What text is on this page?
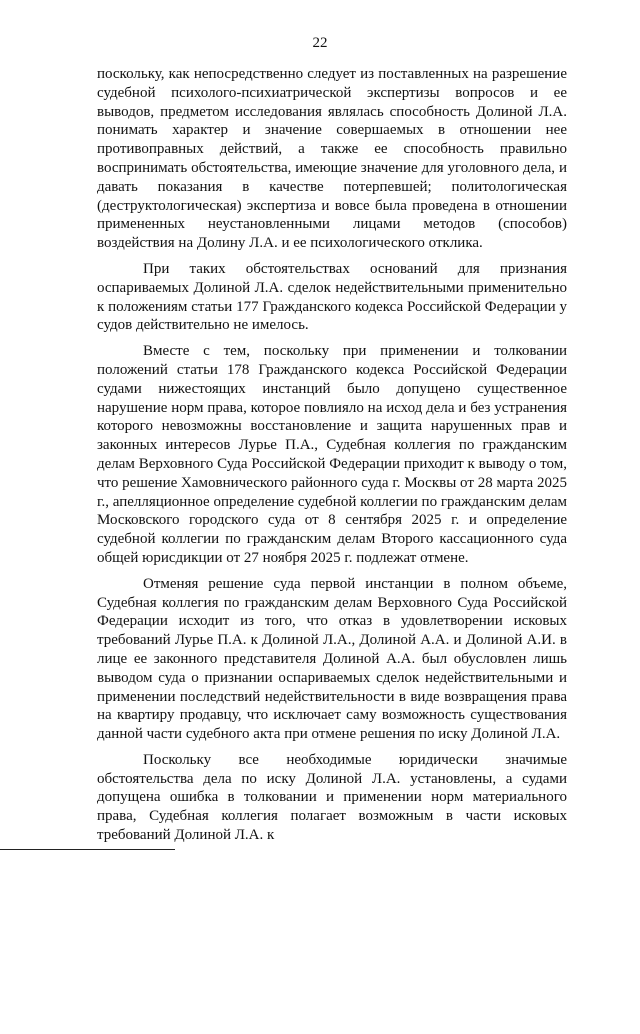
22

поскольку, как непосредственно следует из поставленных на разрешение судебной психолого-психиатрической экспертизы вопросов и ее выводов, предметом исследования являлась способность Долиной Л.А. понимать характер и значение совершаемых в отношении нее противоправных действий, а также ее способность правильно воспринимать обстоятельства, имеющие значение для уголовного дела, и давать показания в качестве потерпевшей; политологическая (деструктологическая) экспертиза и вовсе была проведена в отношении примененных неустановленными лицами методов (способов) воздействия на Долину Л.А. и ее психологического отклика.

При таких обстоятельствах оснований для признания оспариваемых Долиной Л.А. сделок недействительными применительно к положениям статьи 177 Гражданского кодекса Российской Федерации у судов действительно не имелось.

Вместе с тем, поскольку при применении и толковании положений статьи 178 Гражданского кодекса Российской Федерации судами нижестоящих инстанций было допущено существенное нарушение норм права, которое повлияло на исход дела и без устранения которого невозможны восстановление и защита нарушенных прав и законных интересов Лурье П.А., Судебная коллегия по гражданским делам Верховного Суда Российской Федерации приходит к выводу о том, что решение Хамовнического районного суда г. Москвы от 28 марта 2025 г., апелляционное определение судебной коллегии по гражданским делам Московского городского суда от 8 сентября 2025 г. и определение судебной коллегии по гражданским делам Второго кассационного суда общей юрисдикции от 27 ноября 2025 г. подлежат отмене.

Отменяя решение суда первой инстанции в полном объеме, Судебная коллегия по гражданским делам Верховного Суда Российской Федерации исходит из того, что отказ в удовлетворении исковых требований Лурье П.А. к Долиной Л.А., Долиной А.А. и Долиной А.И. в лице ее законного представителя Долиной А.А. был обусловлен лишь выводом суда о признании оспариваемых сделок недействительными и применении последствий недействительности в виде возвращения права на квартиру продавцу, что исключает саму возможность существования данной части судебного акта при отмене решения по иску Долиной Л.А.

Поскольку все необходимые юридически значимые обстоятельства дела по иску Долиной Л.А. установлены, а судами допущена ошибка в толковании и применении норм материального права, Судебная коллегия полагает возможным в части исковых требований Долиной Л.А. к
